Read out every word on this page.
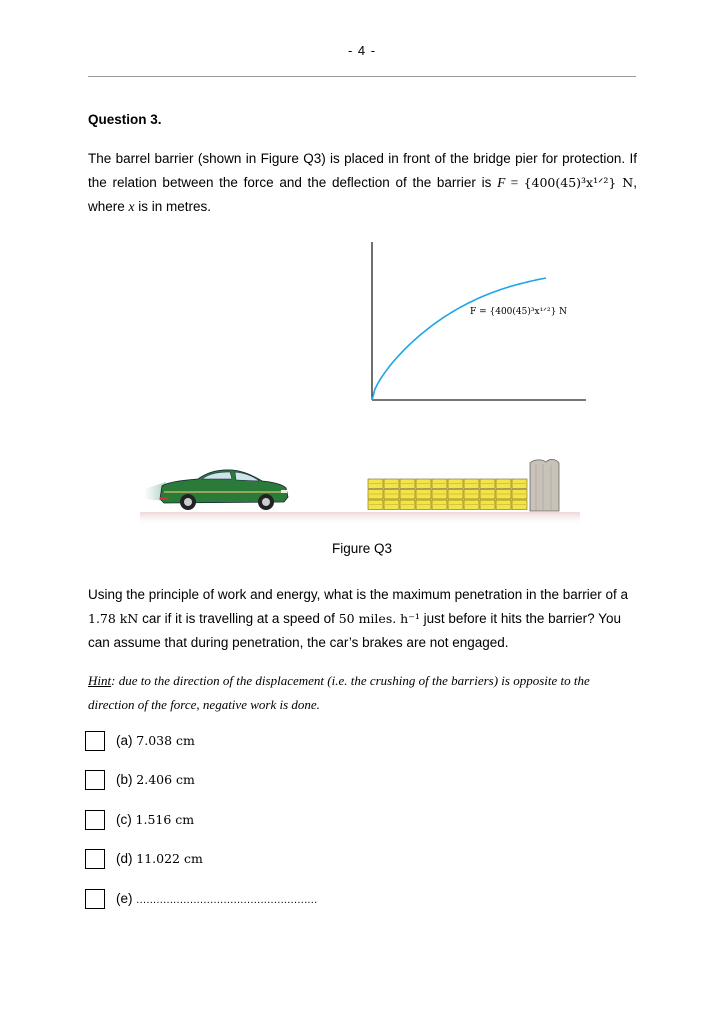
- 4 -
Question 3.
The barrel barrier (shown in Figure Q3) is placed in front of the bridge pier for protection. If the relation between the force and the deflection of the barrier is F = {400(45)³x¹ᐟ²} N, where x is in metres.
F = {400(45)³x¹ᐟ²} N
Figure Q3
Using the principle of work and energy, what is the maximum penetration in the barrier of a 1.78 kN car if it is travelling at a speed of 50 miles. h⁻¹ just before it hits the barrier? You can assume that during penetration, the car’s brakes are not engaged.
Hint: due to the direction of the displacement (i.e. the crushing of the barriers) is opposite to the direction of the force, negative work is done.
(a) 7.038 cm
(b) 2.406 cm
(c) 1.516 cm
(d) 11.022 cm
(e) ......................................................
